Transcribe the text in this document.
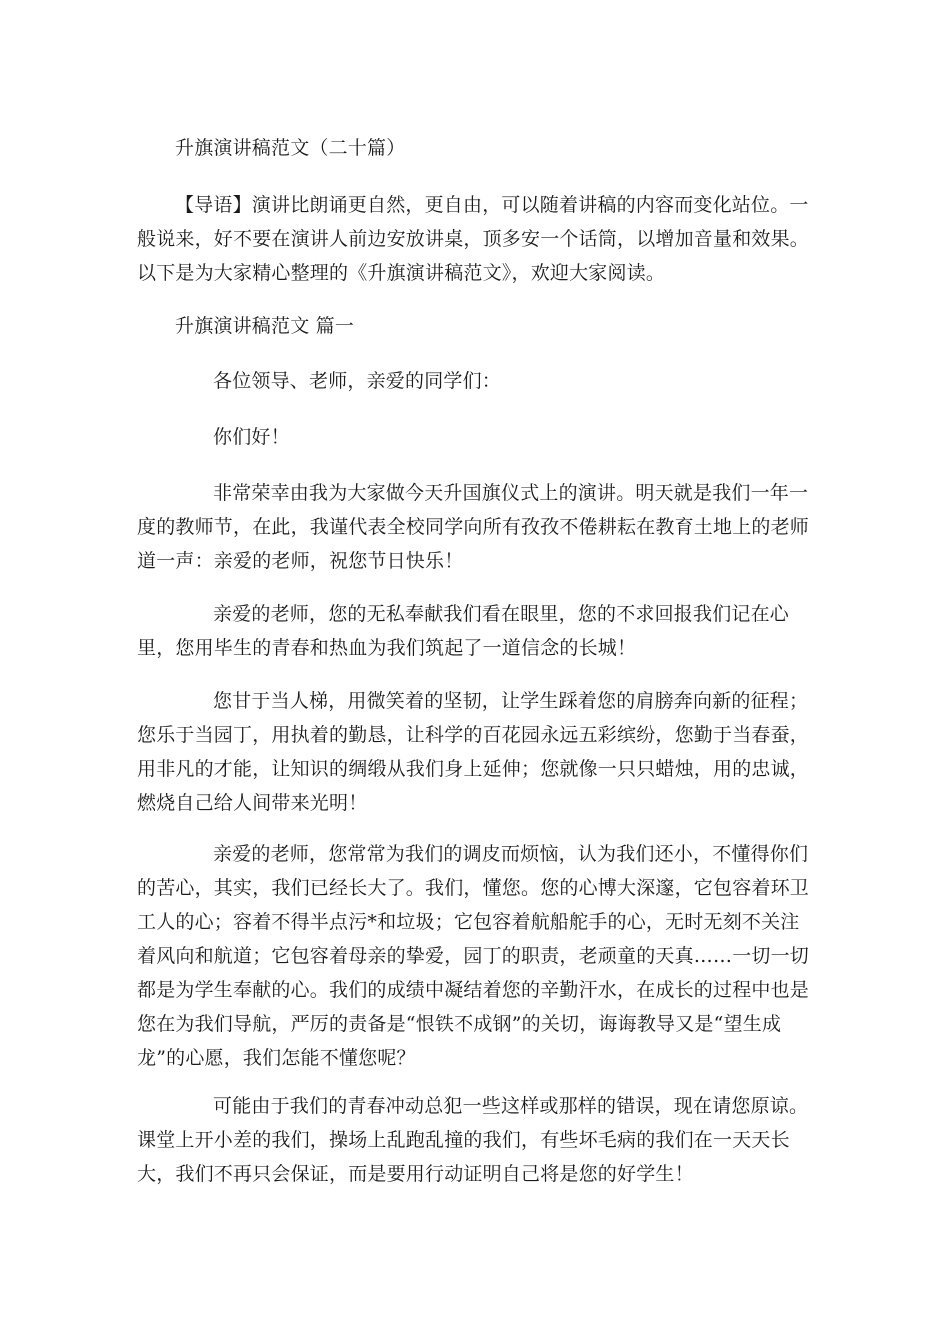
升旗演讲稿范文（二十篇）

【导语】演讲比朗诵更自然，更自由，可以随着讲稿的内容而变化站位。一般说来，好不要在演讲人前边安放讲桌，顶多安一个话筒，以增加音量和效果。以下是为大家精心整理的《升旗演讲稿范文》，欢迎大家阅读。

升旗演讲稿范文 篇一

各位领导、老师，亲爱的同学们：

你们好！

非常荣幸由我为大家做今天升国旗仪式上的演讲。明天就是我们一年一度的教师节，在此，我谨代表全校同学向所有孜孜不倦耕耘在教育土地上的老师道一声：亲爱的老师，祝您节日快乐！

亲爱的老师，您的无私奉献我们看在眼里，您的不求回报我们记在心里，您用毕生的青春和热血为我们筑起了一道信念的长城！

您甘于当人梯，用微笑着的坚韧，让学生踩着您的肩膀奔向新的征程；您乐于当园丁，用执着的勤恳，让科学的百花园永远五彩缤纷，您勤于当春蚕，用非凡的才能，让知识的绸缎从我们身上延伸；您就像一只只蜡烛，用的忠诚，燃烧自己给人间带来光明！

亲爱的老师，您常常为我们的调皮而烦恼，认为我们还小，不懂得你们的苦心，其实，我们已经长大了。我们，懂您。您的心博大深邃，它包容着环卫工人的心；容着不得半点污*和垃圾；它包容着航船舵手的心，无时无刻不关注着风向和航道；它包容着母亲的挚爱，园丁的职责，老顽童的天真……一切一切都是为学生奉献的心。我们的成绩中凝结着您的辛勤汗水，在成长的过程中也是您在为我们导航，严厉的责备是“恨铁不成钢”的关切，诲诲教导又是“望生成龙”的心愿，我们怎能不懂您呢？

可能由于我们的青春冲动总犯一些这样或那样的错误，现在请您原谅。课堂上开小差的我们，操场上乱跑乱撞的我们，有些坏毛病的我们在一天天长大，我们不再只会保证，而是要用行动证明自己将是您的好学生！
